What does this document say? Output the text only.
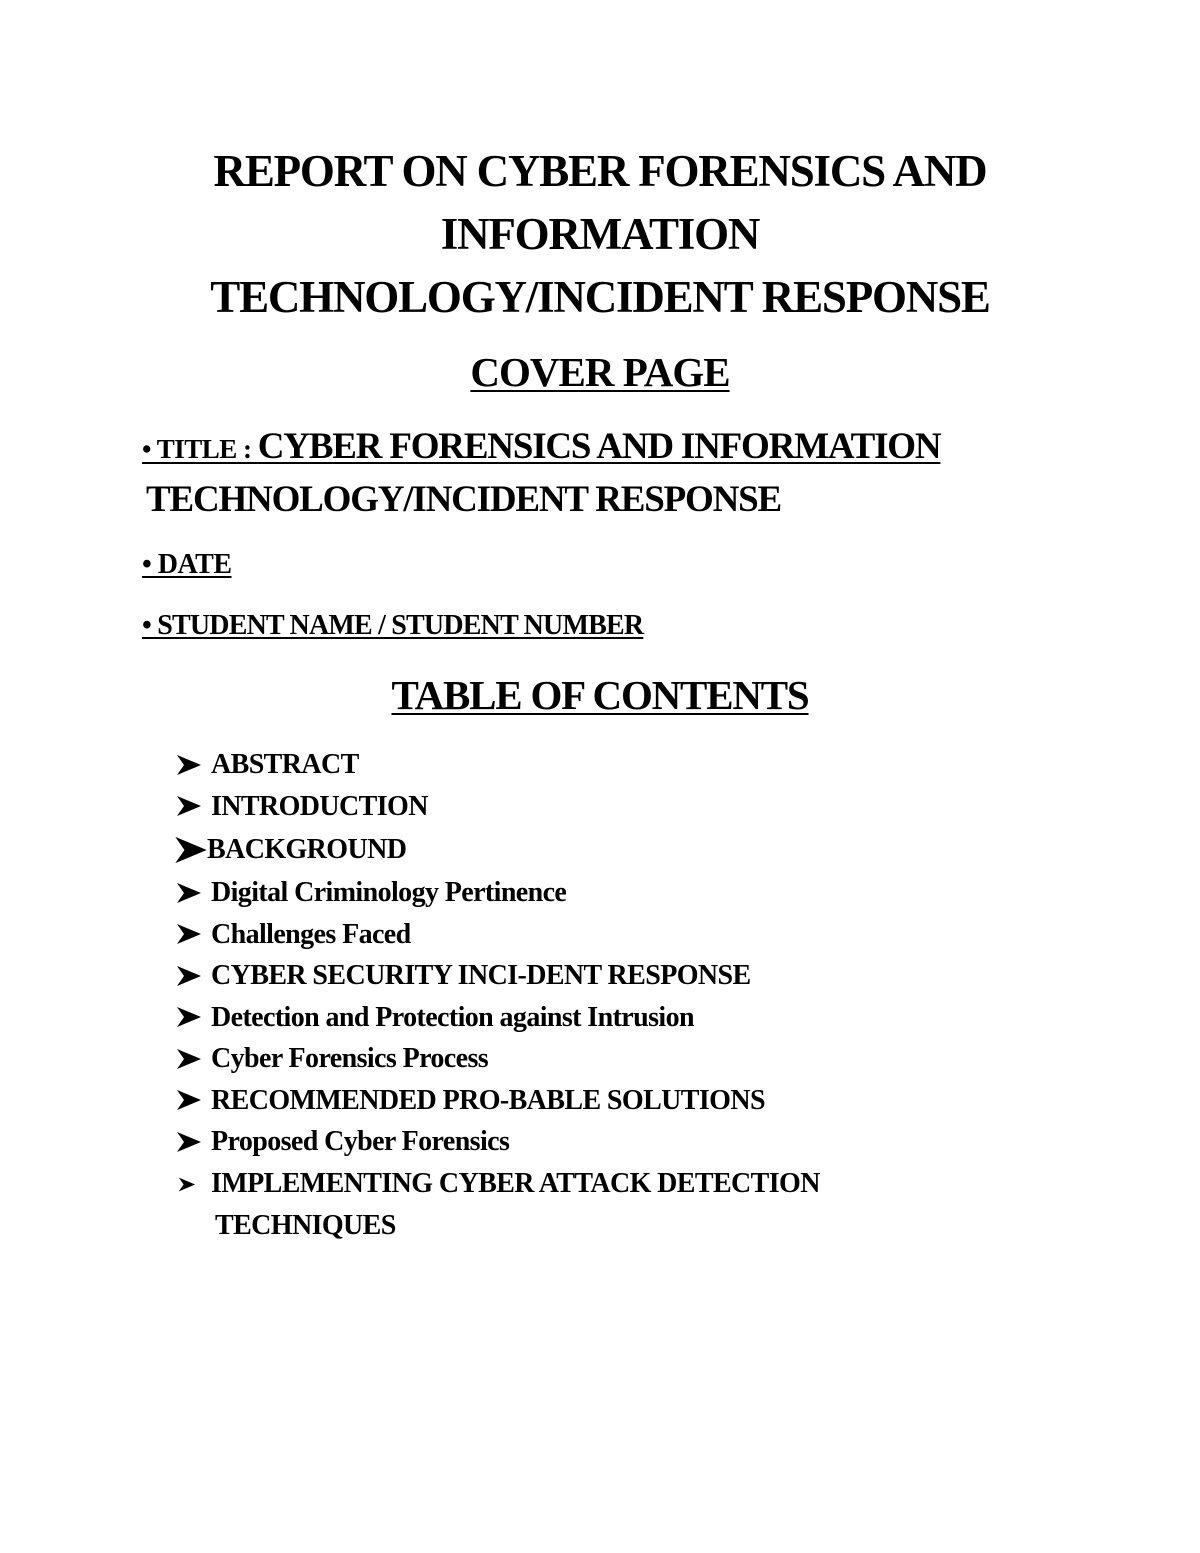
REPORT ON CYBER FORENSICS AND
INFORMATION
TECHNOLOGY/INCIDENT RESPONSE
COVER PAGE

• TITLE : CYBER FORENSICS AND INFORMATION

TECHNOLOGY/INCIDENT RESPONSE

• DATE

• STUDENT NAME / STUDENT NUMBER

TABLE OF CONTENTS
ABSTRACT
INTRODUCTION
BACKGROUND
Digital Criminology Pertinence
Challenges Faced
CYBER SECURITY INCI-DENT RESPONSE
Detection and Protection against Intrusion
Cyber Forensics Process
RECOMMENDED PRO-BABLE SOLUTIONS
Proposed Cyber Forensics
IMPLEMENTING CYBER ATTACK DETECTION
TECHNIQUES
